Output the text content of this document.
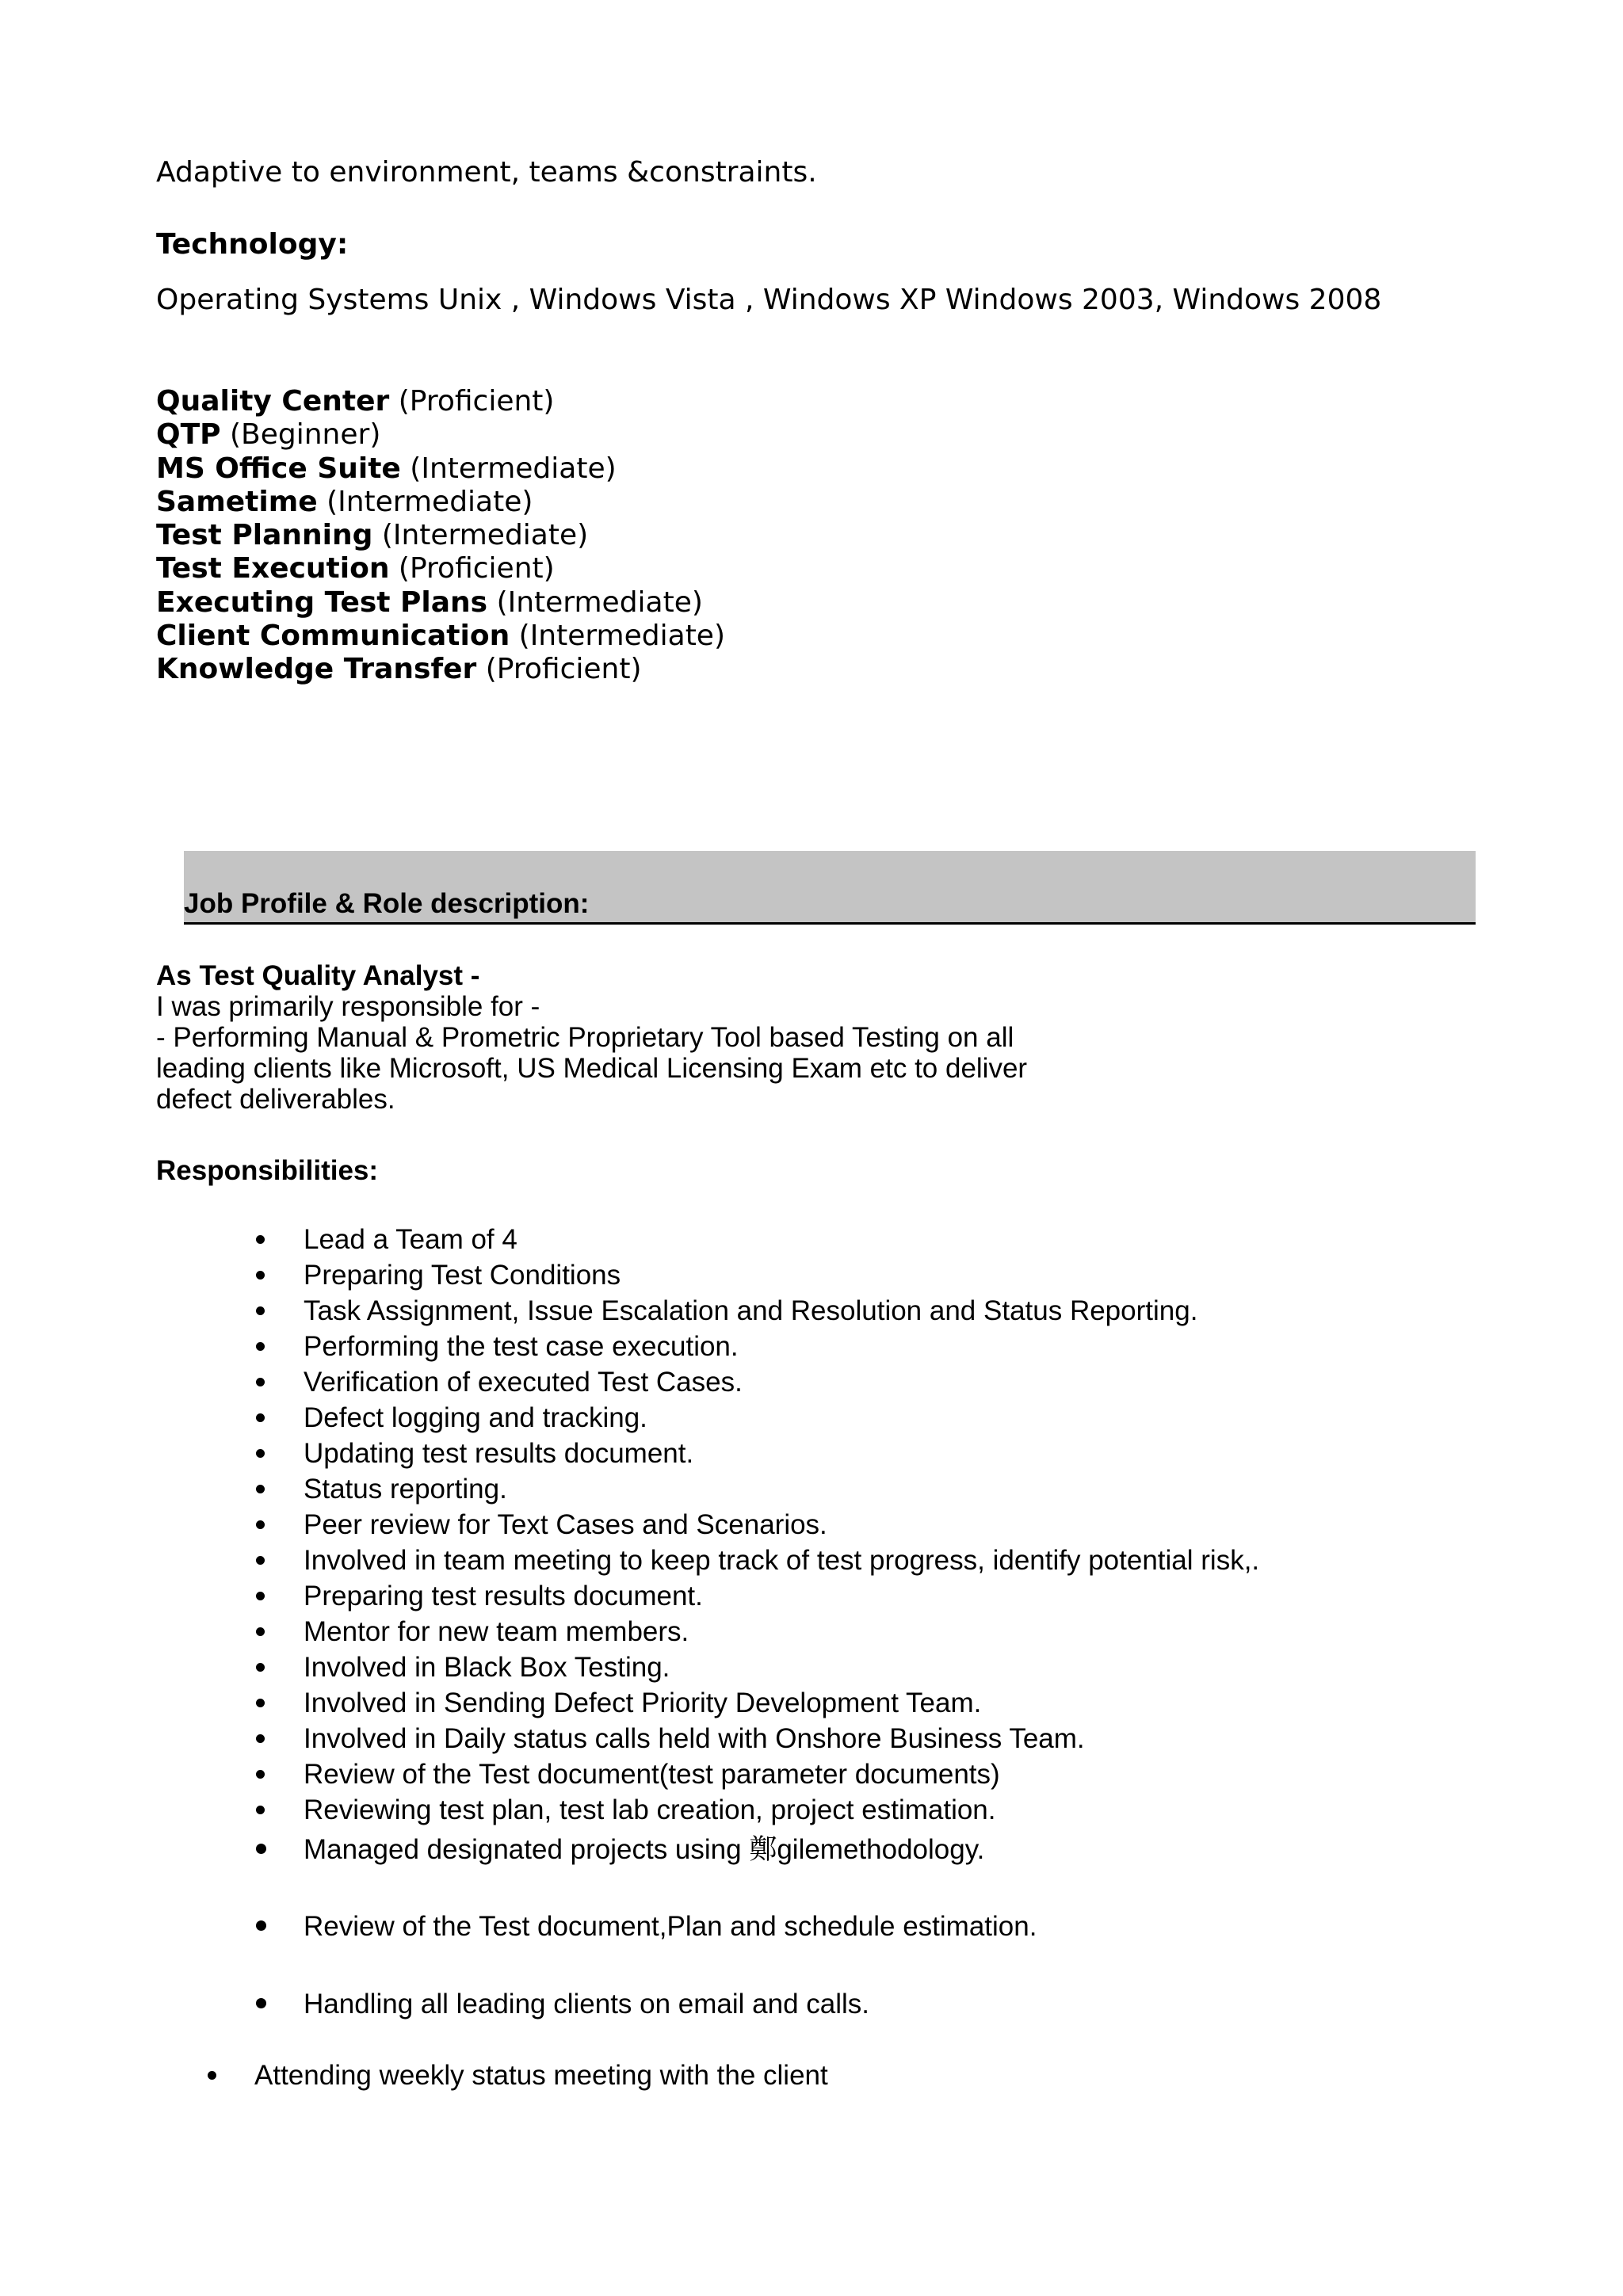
Adaptive to environment, teams &constraints.
Technology:
Operating Systems Unix , Windows Vista , Windows XP Windows 2003, Windows 2008
Quality Center (Proficient)
QTP (Beginner)
MS Office Suite (Intermediate)
Sametime (Intermediate)
Test Planning (Intermediate)
Test Execution (Proficient)
Executing Test Plans (Intermediate)
Client Communication (Intermediate)
Knowledge Transfer (Proficient)
Job Profile & Role description:
As Test Quality Analyst -
I was primarily responsible for -
- Performing Manual & Prometric Proprietary Tool based Testing on all
leading clients like Microsoft, US Medical Licensing Exam etc to deliver
defect deliverables.
Responsibilities:
Lead a Team of 4
Preparing Test Conditions
Task Assignment, Issue Escalation and Resolution and Status Reporting.
Performing the test case execution.
Verification of executed Test Cases.
Defect logging and tracking.
Updating test results document.
Status reporting.
Peer review for Text Cases and Scenarios.
Involved in team meeting to keep track of test progress, identify potential risk,.
Preparing test results document.
Mentor for new team members.
Involved in Black Box Testing.
Involved in Sending Defect Priority Development Team.
Involved in Daily status calls held with Onshore Business Team.
Review of the Test document(test parameter documents)
Reviewing test plan, test lab creation, project estimation.
Managed designated projects using 鄭gilemethodology.
Review of the Test document,Plan and schedule estimation.
Handling all leading clients on email and calls.
Attending weekly status meeting with the client
